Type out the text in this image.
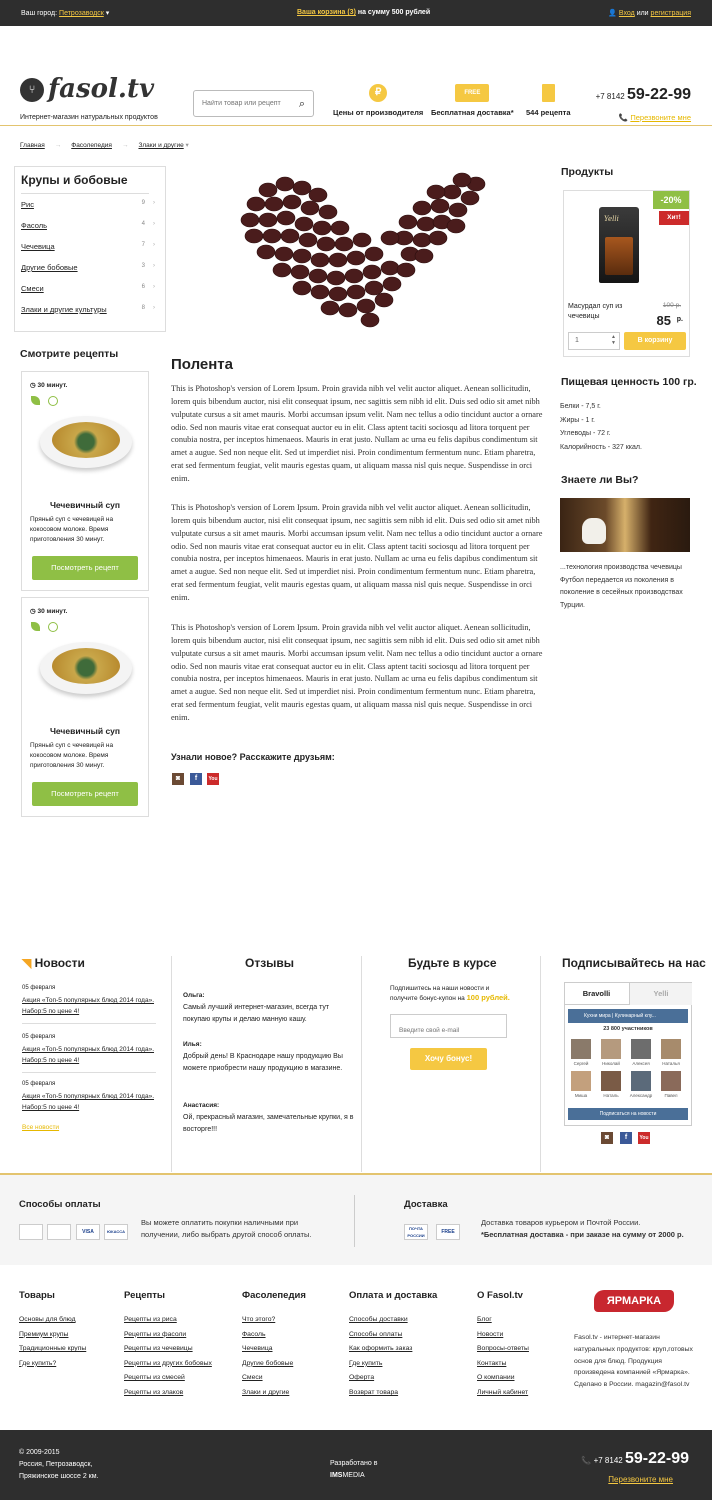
Ваш город: Петрозаводск ▾	Ваша корзина (3) на сумму 500 рублей	👤 Вход или регистрация
⑂ fasol.tv
Интернет-магазин натуральных продуктов
Найти товар или рецепт
⌕
₽
Цены от производителя
FREE
Бесплатная доставка* 544 рецепта
+7 8142 59-22-99
📞 Перезвоните мне
Главная → Фасолепедия → Злаки и другие ▾
Крупы и бобовые
Рис	9 ›
Фасоль	4 ›
Чечевица	7 ›
Другие бобовые	3 ›
Смеси	6 ›
Злаки и другие культуры	8 ›
Смотрите рецепты
◷ 30 минут.
Чечевичный суп
Пряный суп с чечевицей на кокосовом молоке. Время приготовления 30 минут.
Посмотреть рецепт
◷ 30 минут.
Чечевичный суп
Пряный суп с чечевицей на кокосовом молоке. Время приготовления 30 минут.
Посмотреть рецепт
Полента
This is Photoshop's version of Lorem Ipsum. Proin gravida nibh vel velit auctor aliquet. Aenean sollicitudin, lorem quis bibendum auctor, nisi elit consequat ipsum, nec sagittis sem nibh id elit. Duis sed odio sit amet nibh vulputate cursus a sit amet mauris. Morbi accumsan ipsum velit. Nam nec tellus a odio tincidunt auctor a ornare odio. Sed non mauris vitae erat consequat auctor eu in elit. Class aptent taciti sociosqu ad litora torquent per conubia nostra, per inceptos himenaeos. Mauris in erat justo. Nullam ac urna eu felis dapibus condimentum sit amet a augue. Sed non neque elit. Sed ut imperdiet nisi. Proin condimentum fermentum nunc. Etiam pharetra, erat sed fermentum feugiat, velit mauris egestas quam, ut aliquam massa nisl quis neque. Suspendisse in orci enim.
This is Photoshop's version of Lorem Ipsum. Proin gravida nibh vel velit auctor aliquet. Aenean sollicitudin, lorem quis bibendum auctor, nisi elit consequat ipsum, nec sagittis sem nibh id elit. Duis sed odio sit amet nibh vulputate cursus a sit amet mauris. Morbi accumsan ipsum velit. Nam nec tellus a odio tincidunt auctor a ornare odio. Sed non mauris vitae erat consequat auctor eu in elit. Class aptent taciti sociosqu ad litora torquent per conubia nostra, per inceptos himenaeos. Mauris in erat justo. Nullam ac urna eu felis dapibus condimentum sit amet a augue. Sed non neque elit. Sed ut imperdiet nisi. Proin condimentum fermentum nunc. Etiam pharetra, erat sed fermentum feugiat, velit mauris egestas quam, ut aliquam massa nisl quis neque. Suspendisse in orci enim.
This is Photoshop's version of Lorem Ipsum. Proin gravida nibh vel velit auctor aliquet. Aenean sollicitudin, lorem quis bibendum auctor, nisi elit consequat ipsum, nec sagittis sem nibh id elit. Duis sed odio sit amet nibh vulputate cursus a sit amet mauris. Morbi accumsan ipsum velit. Nam nec tellus a odio tincidunt auctor a ornare odio. Sed non mauris vitae erat consequat auctor eu in elit. Class aptent taciti sociosqu ad litora torquent per conubia nostra, per inceptos himenaeos. Mauris in erat justo. Nullam ac urna eu felis dapibus condimentum sit amet a augue. Sed non neque elit. Sed ut imperdiet nisi. Proin condimentum fermentum nunc. Etiam pharetra, erat sed fermentum feugiat, velit mauris egestas quam, ut aliquam massa nisl quis neque. Suspendisse in orci enim.
Узнали новое? Расскажите друзьям:
◙	f	You
Продукты
-20%
Хит!
Yelli
Масурдал суп из чечевицы
100 р.
85 р.
1	▲
▼	В корзину
Пищевая ценность 100 гр.
Белки - 7,5 г.
Жиры - 1 г.
Углеводы - 72 г.
Калорийность - 327 ккал.
Знаете ли Вы?
...технология производства чечевицы Футбол передается из поколения в поколение в сесейных производствах Турции.
◥ Новости	Отзывы	Будьте в курсе	Подписывайтесь на нас
05 февраля
Акция «Топ-5 популярных блюд 2014 года». Набор:5 по цене 4!
05 февраля
Акция «Топ-5 популярных блюд 2014 года». Набор:5 по цене 4!
05 февраля
Акция «Топ-5 популярных блюд 2014 года». Набор:5 по цене 4!
Все новости
Ольга:
Самый лучший интернет-магазин, всегда тут покупаю крупы и делаю манную кашу.
Илья:
Добрый день! В Краснодаре нашу продукцию Вы можете приобрести нашу продукцию в магазине.
Анастасия:
Ой, прекрасный магазин, замечательные крупки, я в восторге!!!
Подпишитесь на наши новости и получите бонус-купон на 100 рублей.
Введите свой e-mail
Хочу бонус!
Bravolli	Yelli
Кухни мира | Кулинарный клу...
23 800 участников
Сергей	Николай	Алексея	Наталья
Миша	Наталь	Александр	Павел
Подписаться на новости
◙	f	You
Способы оплаты
VISA	ЮКАССА
Вы можете оплатить покупки наличными при получении, либо выбрать другой способ оплаты.
Доставка
ПОЧТА РОССИИ
FREE
Доставка товаров курьером и Почтой России.
*Бесплатная доставка - при заказе на сумму от 2000 р.
Товары
Основы для блюд
Премиум крупы
Традиционные крупы
Где купить?
Рецепты
Рецепты из риса
Рецепты из фасоли
Рецепты из чечевицы
Рецепты из других бобовых
Рецепты из смесей
Рецепты из злаков
Фасолепедия
Что этого?
Фасоль
Чечевица
Другие бобовые
Смеси
Злаки и другие
Оплата и доставка
Способы доставки
Способы оплаты
Как оформить заказ
Где купить
Оферта
Возврат товара
О Fasol.tv
Блог
Новости
Вопросы-ответы
Контакты
О компании
Личный кабинет
ЯРМАРКА
Fasol.tv - интернет-магазин натуральных продуктов: круп,готовых основ для блюд. Продукция произведена компанией «Ярмарка». Сделано в России. magazin@fasol.tv
© 2009-2015
Россия, Петрозаводск,
Пряжинское шоссе 2 км.
Разработано в
IMSMEDIA
📞 +7 8142 59-22-99
Перезвоните мне
